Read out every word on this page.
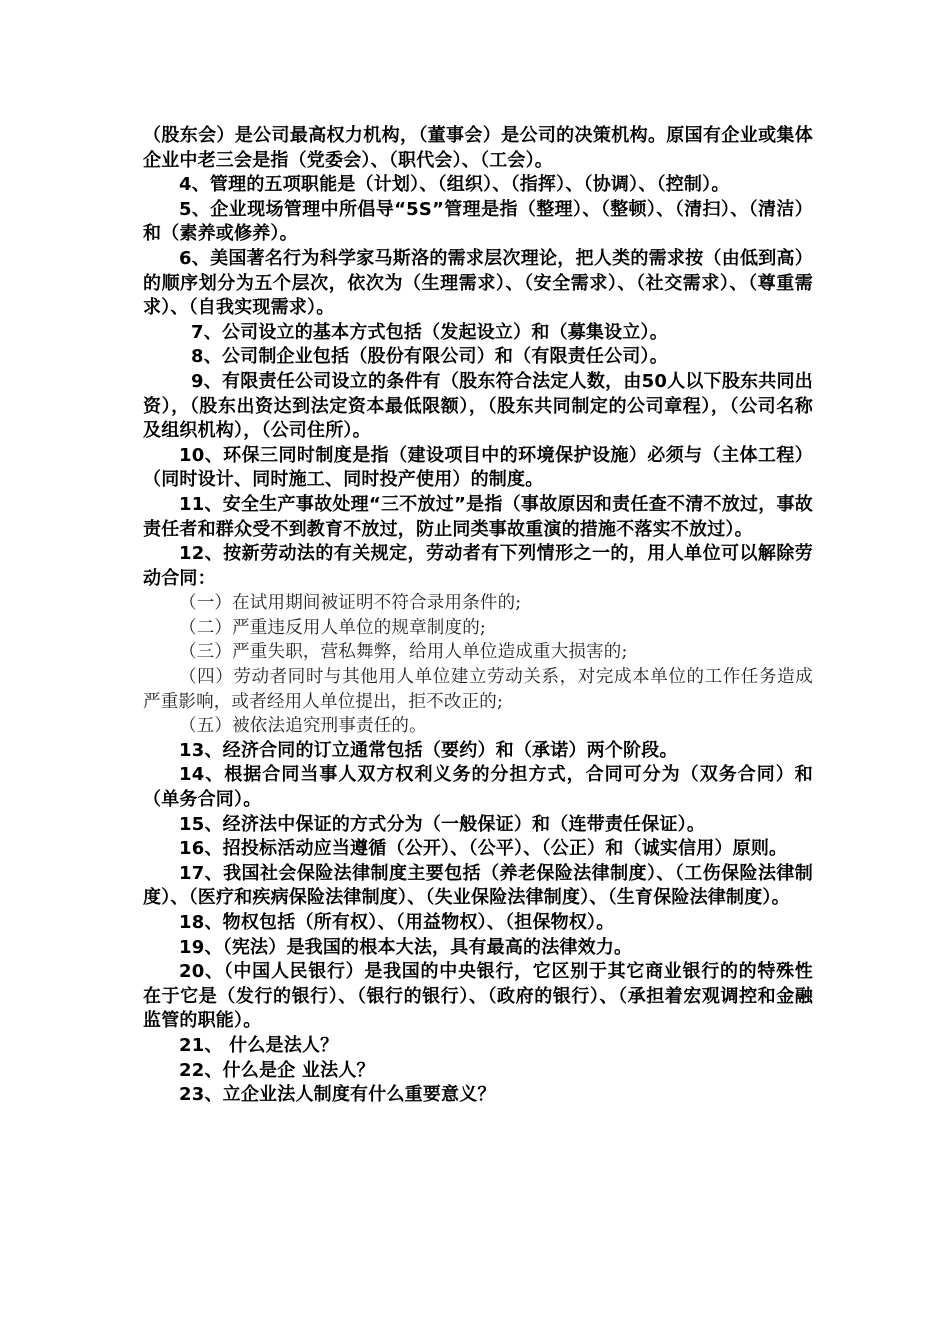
（股东会）是公司最高权力机构，（董事会）是公司的决策机构。原国有企业或集体企业中老三会是指（党委会）、（职代会）、（工会）。

4、管理的五项职能是（计划）、（组织）、（指挥）、（协调）、（控制）。

5、企业现场管理中所倡导“5S”管理是指（整理）、（整顿）、（清扫）、（清洁）和（素养或修养）。

6、美国著名行为科学家马斯洛的需求层次理论，把人类的需求按（由低到高）的顺序划分为五个层次，依次为（生理需求）、（安全需求）、（社交需求）、（尊重需求）、（自我实现需求）。

7、公司设立的基本方式包括（发起设立）和（募集设立）。

8、公司制企业包括（股份有限公司）和（有限责任公司）。

9、有限责任公司设立的条件有（股东符合法定人数，由50人以下股东共同出资），（股东出资达到法定资本最低限额），（股东共同制定的公司章程），（公司名称及组织机构），（公司住所）。

10、环保三同时制度是指（建设项目中的环境保护设施）必须与（主体工程）（同时设计、同时施工、同时投产使用）的制度。

11、安全生产事故处理“三不放过”是指（事故原因和责任查不清不放过，事故责任者和群众受不到教育不放过，防止同类事故重演的措施不落实不放过）。

12、按新劳动法的有关规定，劳动者有下列情形之一的，用人单位可以解除劳动合同：

（一）在试用期间被证明不符合录用条件的;

（二）严重违反用人单位的规章制度的;

（三）严重失职，营私舞弊，给用人单位造成重大损害的;

（四）劳动者同时与其他用人单位建立劳动关系，对完成本单位的工作任务造成严重影响，或者经用人单位提出，拒不改正的;

（五）被依法追究刑事责任的。

13、经济合同的订立通常包括（要约）和（承诺）两个阶段。

14、根据合同当事人双方权利义务的分担方式，合同可分为（双务合同）和（单务合同）。

15、经济法中保证的方式分为（一般保证）和（连带责任保证）。

16、招投标活动应当遵循（公开）、（公平）、（公正）和（诚实信用）原则。

17、我国社会保险法律制度主要包括（养老保险法律制度）、（工伤保险法律制度）、（医疗和疾病保险法律制度）、（失业保险法律制度）、（生育保险法律制度）。

18、物权包括（所有权）、（用益物权）、（担保物权）。

19、（宪法）是我国的根本大法，具有最高的法律效力。

20、（中国人民银行）是我国的中央银行，它区别于其它商业银行的的特殊性在于它是（发行的银行）、（银行的银行）、（政府的银行）、（承担着宏观调控和金融监管的职能）。

21、 什么是法人？

22、什么是企 业法人？

23、立企业法人制度有什么重要意义？
